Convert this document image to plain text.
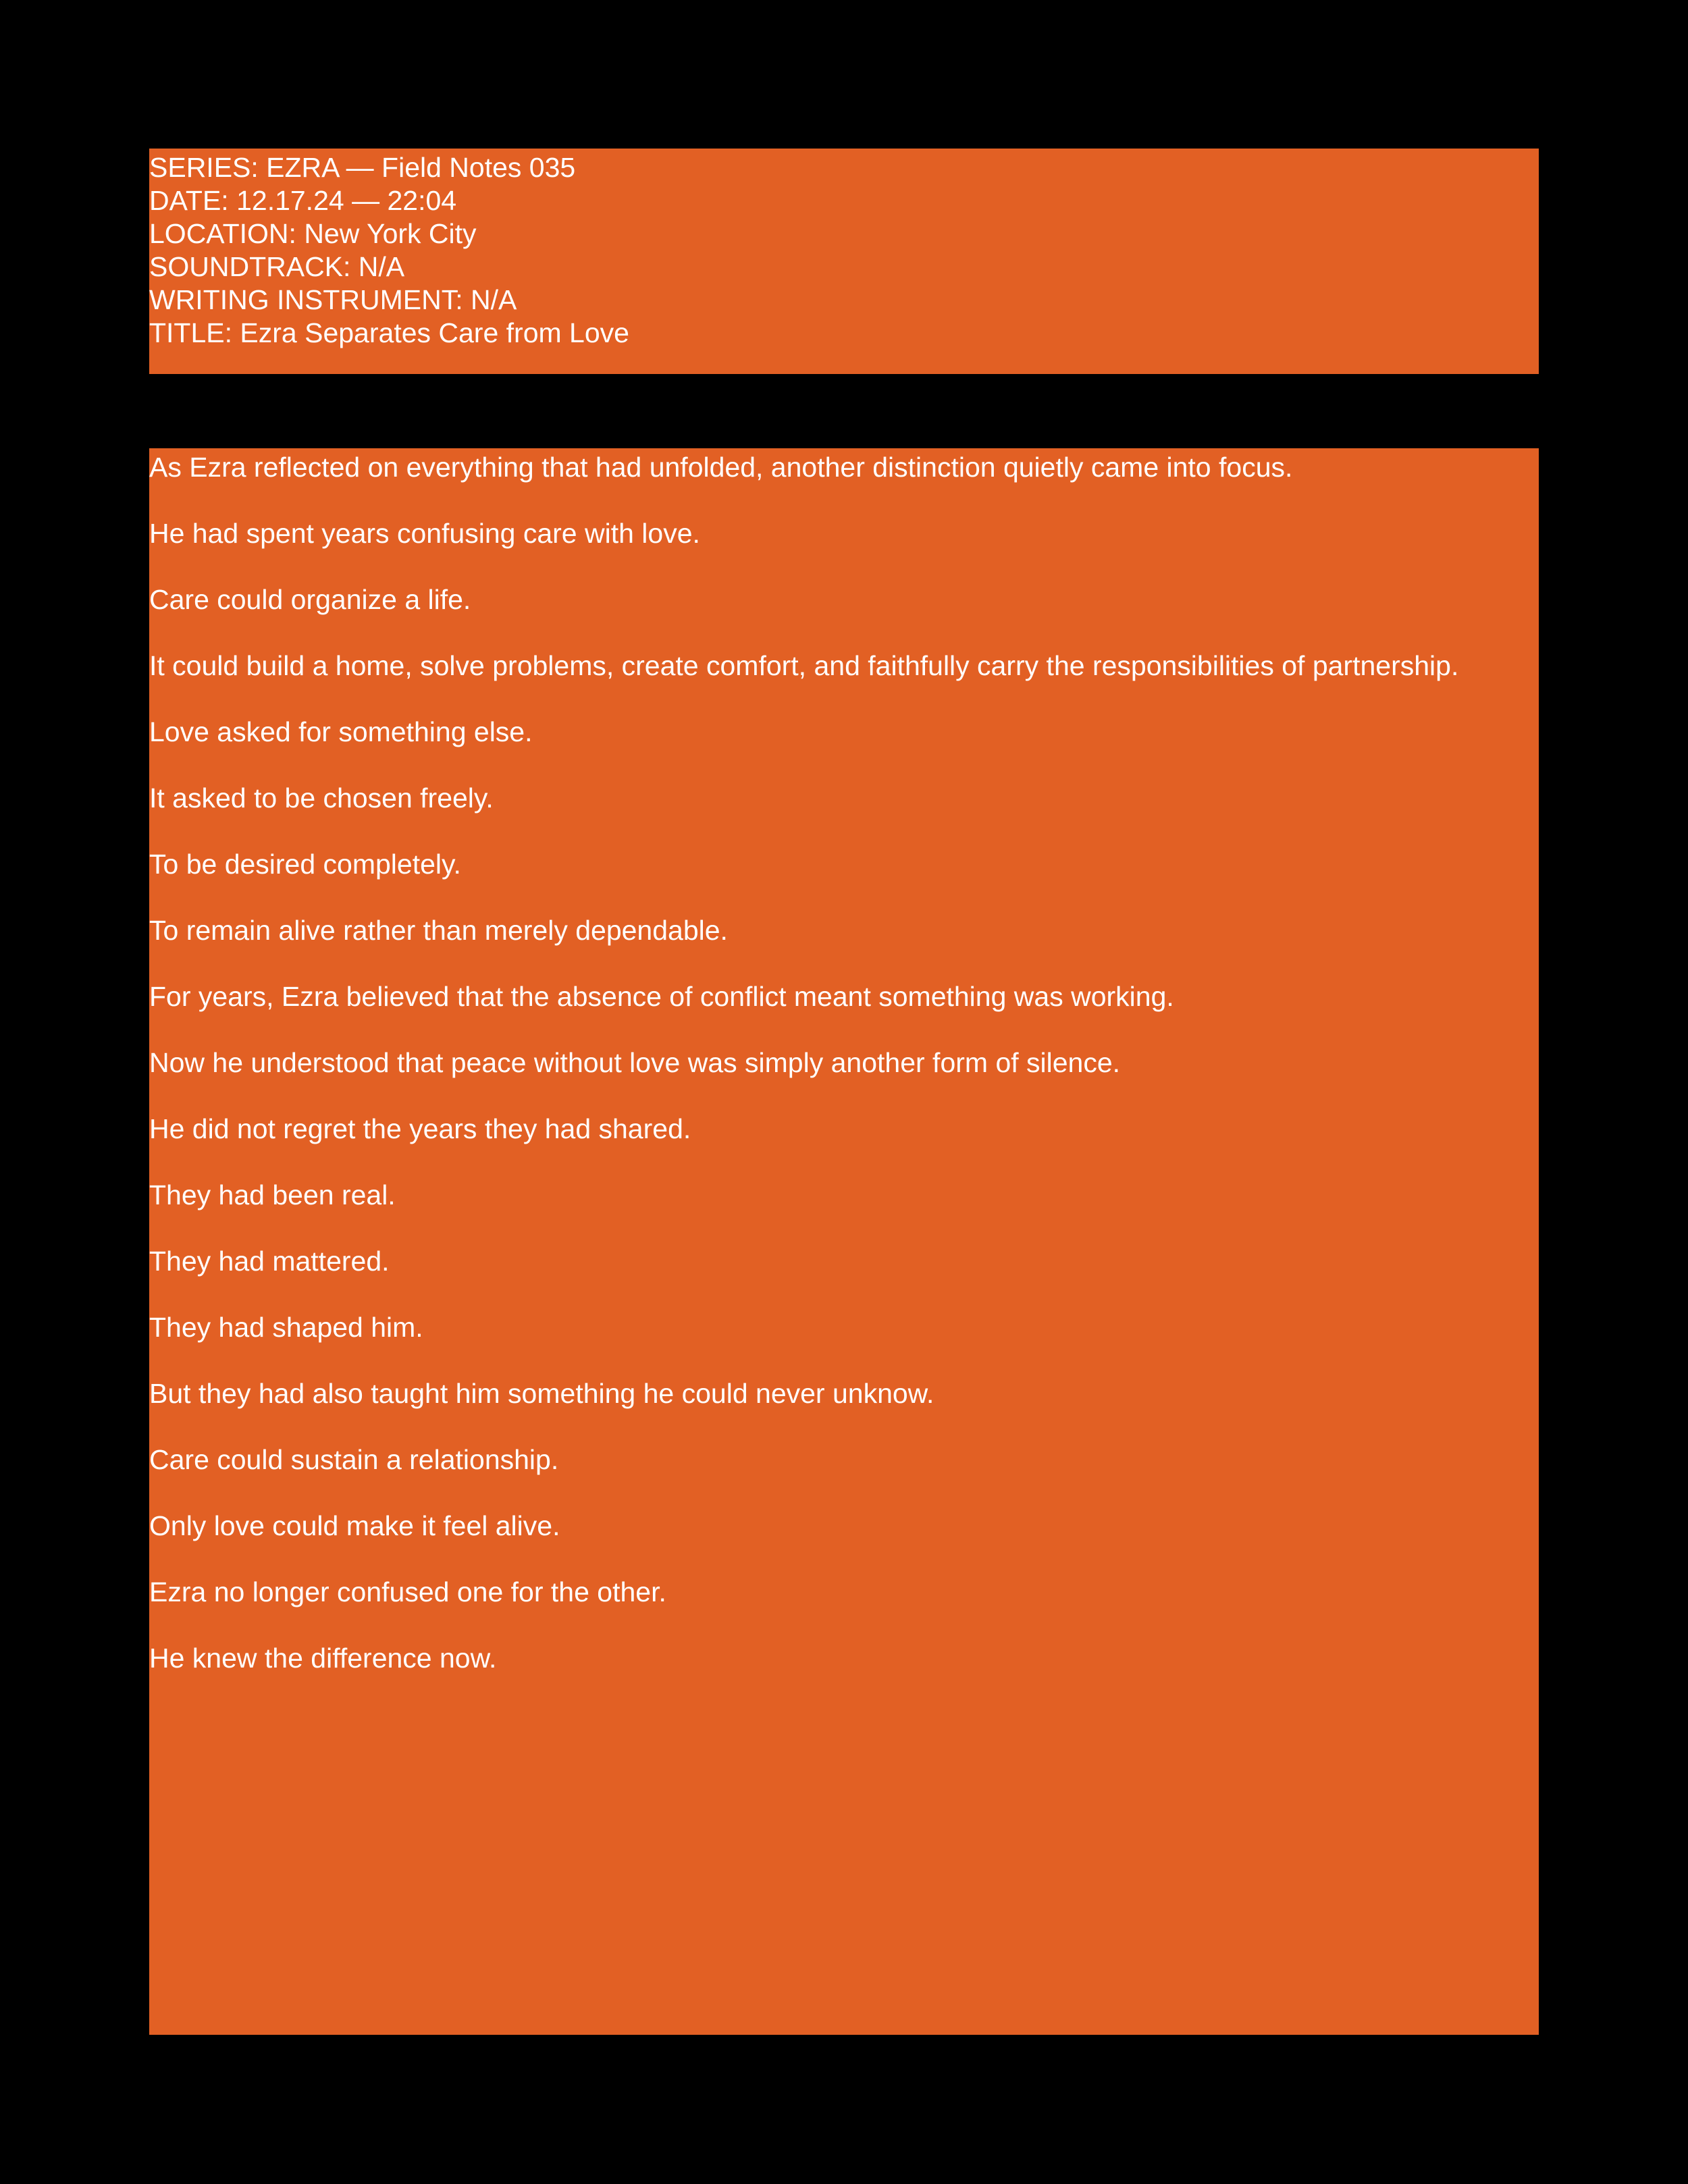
SERIES: EZRA — Field Notes 035

DATE: 12.17.24 — 22:04

LOCATION: New York City

SOUNDTRACK: N/A

WRITING INSTRUMENT: N/A

TITLE: Ezra Separates Care from Love

As Ezra reflected on everything that had unfolded, another distinction quietly came into focus.

He had spent years confusing care with love.

Care could organize a life.

It could build a home, solve problems, create comfort, and faithfully carry the responsibilities of partnership.

Love asked for something else.

It asked to be chosen freely.

To be desired completely.

To remain alive rather than merely dependable.

For years, Ezra believed that the absence of conflict meant something was working.

Now he understood that peace without love was simply another form of silence.

He did not regret the years they had shared.

They had been real.

They had mattered.

They had shaped him.

But they had also taught him something he could never unknow.

Care could sustain a relationship.

Only love could make it feel alive.

Ezra no longer confused one for the other.

He knew the difference now.
